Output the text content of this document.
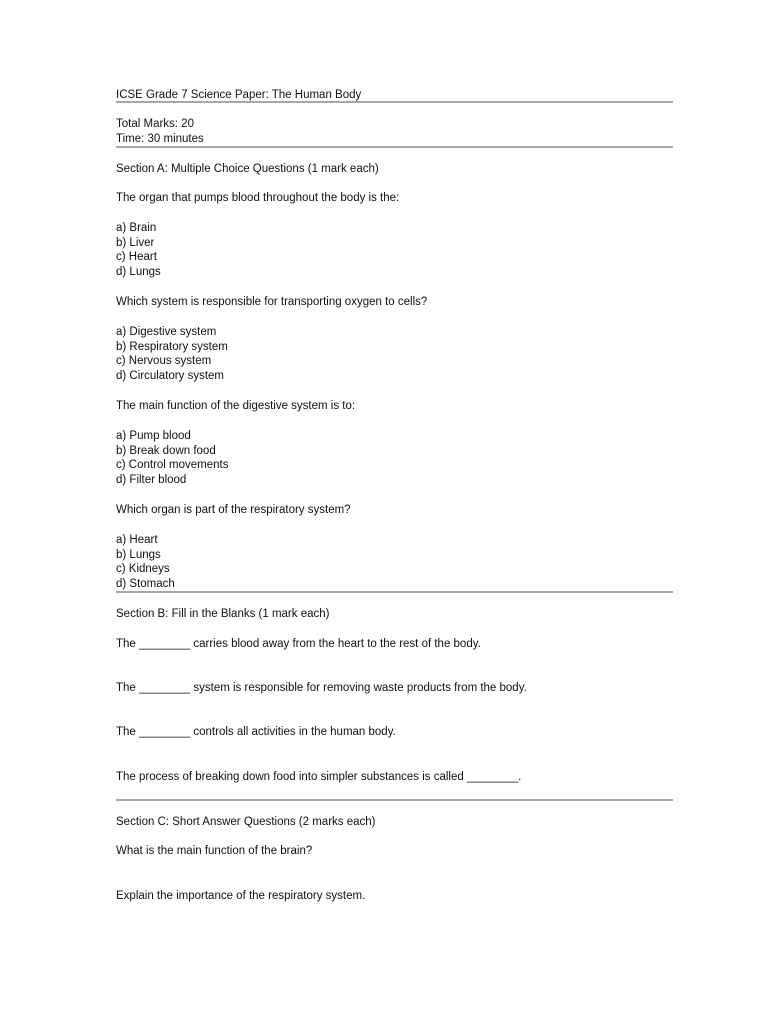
ICSE Grade 7 Science Paper: The Human Body
Total Marks: 20
Time: 30 minutes
Section A: Multiple Choice Questions (1 mark each)
The organ that pumps blood throughout the body is the:
a) Brain
b) Liver
c) Heart
d) Lungs
Which system is responsible for transporting oxygen to cells?
a) Digestive system
b) Respiratory system
c) Nervous system
d) Circulatory system
The main function of the digestive system is to:
a) Pump blood
b) Break down food
c) Control movements
d) Filter blood
Which organ is part of the respiratory system?
a) Heart
b) Lungs
c) Kidneys
d) Stomach
Section B: Fill in the Blanks (1 mark each)
The ________ carries blood away from the heart to the rest of the body.
The ________ system is responsible for removing waste products from the body.
The ________ controls all activities in the human body.
The process of breaking down food into simpler substances is called ________.
Section C: Short Answer Questions (2 marks each)
What is the main function of the brain?
Explain the importance of the respiratory system.
